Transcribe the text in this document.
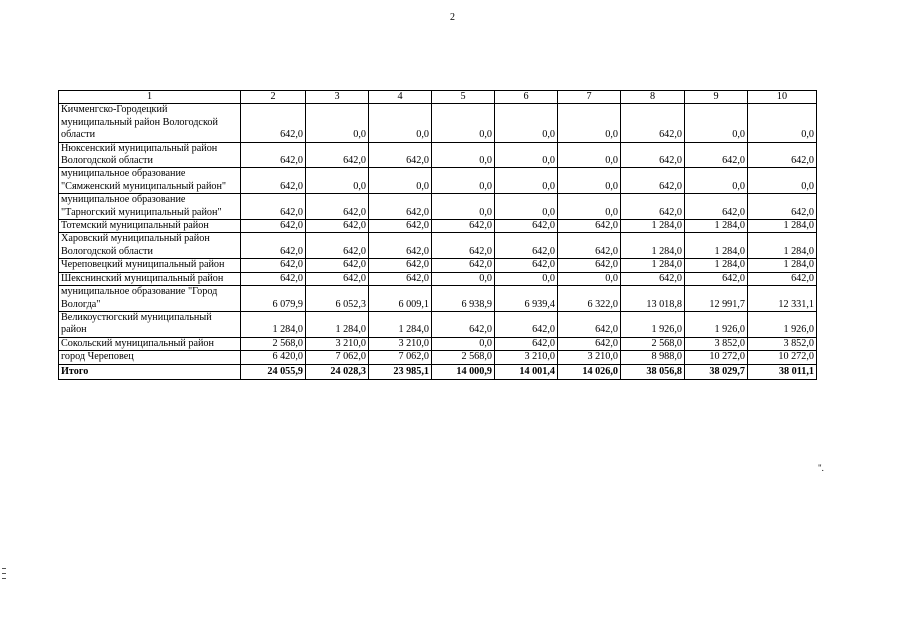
2
1	2	3	4	5	6	7	8	9	10
Кичменгско-Городецкий муниципальный район Вологодской области	642,0	0,0	0,0	0,0	0,0	0,0	642,0	0,0	0,0
Нюксенский муниципальный район Вологодской области	642,0	642,0	642,0	0,0	0,0	0,0	642,0	642,0	642,0
муниципальное образование "Сямженский муниципальный район"	642,0	0,0	0,0	0,0	0,0	0,0	642,0	0,0	0,0
муниципальное образование "Тарногский муниципальный район"	642,0	642,0	642,0	0,0	0,0	0,0	642,0	642,0	642,0
Тотемский муниципальный район	642,0	642,0	642,0	642,0	642,0	642,0	1 284,0	1 284,0	1 284,0
Харовский муниципальный район Вологодской области	642,0	642,0	642,0	642,0	642,0	642,0	1 284,0	1 284,0	1 284,0
Череповецкий муниципальный район	642,0	642,0	642,0	642,0	642,0	642,0	1 284,0	1 284,0	1 284,0
Шекснинский муниципальный район	642,0	642,0	642,0	0,0	0,0	0,0	642,0	642,0	642,0
муниципальное образование "Город Вологда"	6 079,9	6 052,3	6 009,1	6 938,9	6 939,4	6 322,0	13 018,8	12 991,7	12 331,1
Великоустюгский муниципальный район	1 284,0	1 284,0	1 284,0	642,0	642,0	642,0	1 926,0	1 926,0	1 926,0
Сокольский муниципальный район	2 568,0	3 210,0	3 210,0	0,0	642,0	642,0	2 568,0	3 852,0	3 852,0
город Череповец	6 420,0	7 062,0	7 062,0	2 568,0	3 210,0	3 210,0	8 988,0	10 272,0	10 272,0
Итого	24 055,9	24 028,3	23 985,1	14 000,9	14 001,4	14 026,0	38 056,8	38 029,7	38 011,1
".
